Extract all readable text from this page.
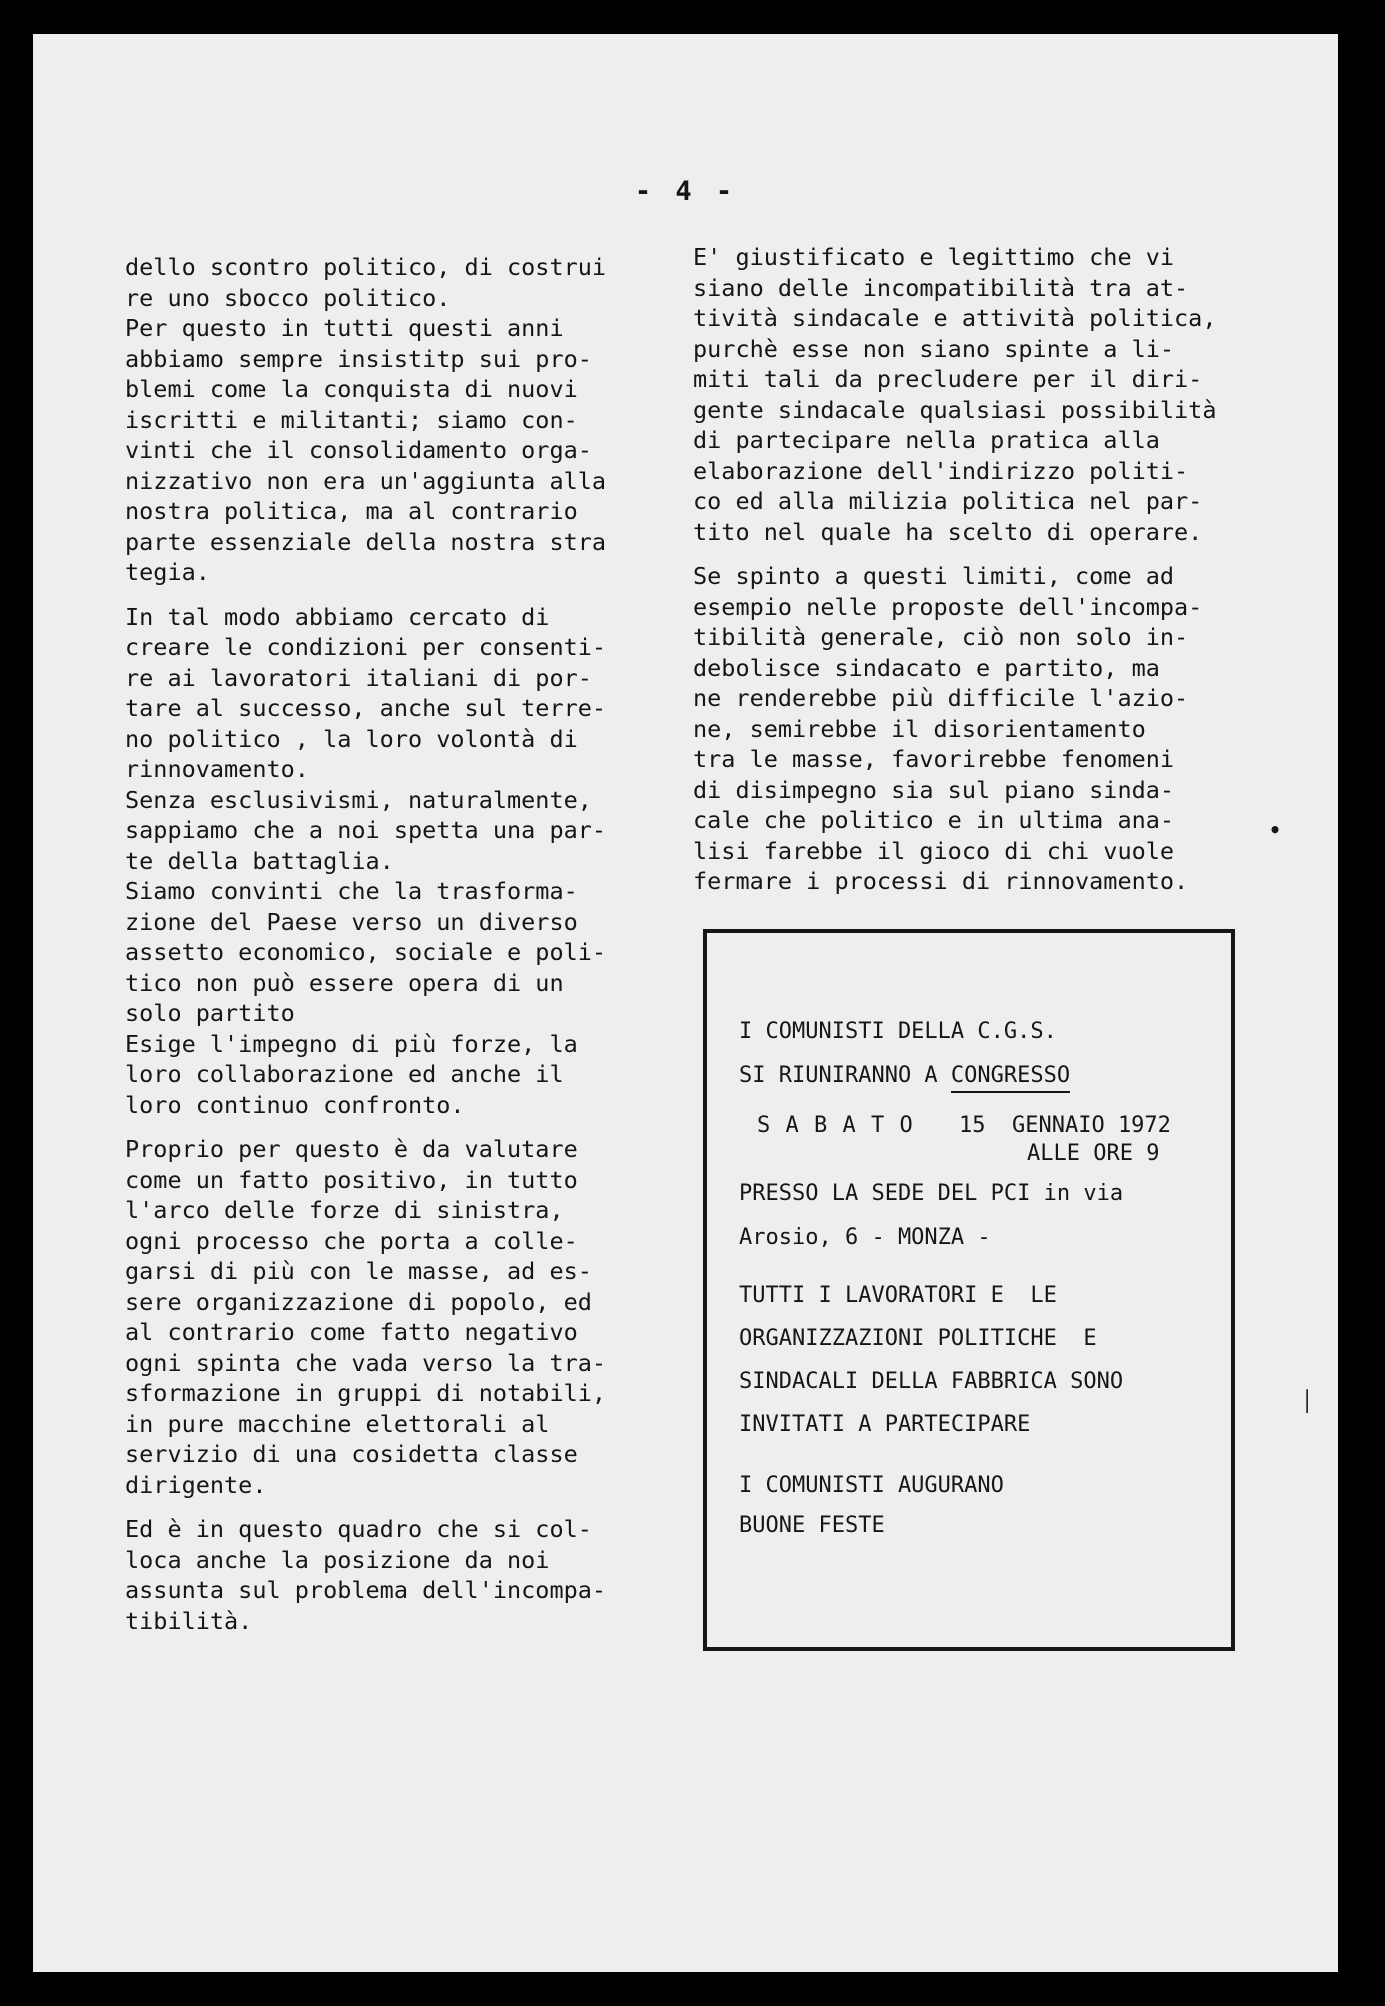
- 4 -
dello scontro politico, di costrui
re uno sbocco politico.
Per questo in tutti questi anni
abbiamo sempre insistitp sui pro-
blemi come la conquista di nuovi
iscritti e militanti; siamo con-
vinti che il consolidamento orga-
nizzativo non era un'aggiunta alla
nostra politica, ma al contrario
parte essenziale della nostra stra
tegia.
In tal modo abbiamo cercato di
creare le condizioni per consenti-
re ai lavoratori italiani di por-
tare al successo, anche sul terre-
no politico , la loro volontà di
rinnovamento.
Senza esclusivismi, naturalmente,
sappiamo che a noi spetta una par-
te della battaglia.
Siamo convinti che la trasforma-
zione del Paese verso un diverso
assetto economico, sociale e poli-
tico non può essere opera di un
solo partito
Esige l'impegno di più forze, la
loro collaborazione ed anche il
loro continuo confronto.
Proprio per questo è da valutare
come un fatto positivo, in tutto
l'arco delle forze di sinistra,
ogni processo che porta a colle-
garsi di più con le masse, ad es-
sere organizzazione di popolo, ed
al contrario come fatto negativo
ogni spinta che vada verso la tra-
sformazione in gruppi di notabili,
in pure macchine elettorali al
servizio di una cosidetta classe
dirigente.
Ed è in questo quadro che si col-
loca anche la posizione da noi
assunta sul problema dell'incompa-
tibilità.
E' giustificato e legittimo che vi
siano delle incompatibilità tra at-
tività sindacale e attività politica,
purchè esse non siano spinte a li-
miti tali da precludere per il diri-
gente sindacale qualsiasi possibilità
di partecipare nella pratica alla
elaborazione dell'indirizzo politi-
co ed alla milizia politica nel par-
tito nel quale ha scelto di operare.
Se spinto a questi limiti, come ad
esempio nelle proposte dell'incompa-
tibilità generale, ciò non solo in-
debolisce sindacato e partito, ma
ne renderebbe più difficile l'azio-
ne, semirebbe il disorientamento
tra le masse, favorirebbe fenomeni
di disimpegno sia sul piano sinda-
cale che politico e in ultima ana-
lisi farebbe il gioco di chi vuole
fermare i processi di rinnovamento.
I COMUNISTI DELLA C.G.S.
SI RIUNIRANNO A CONGRESSO
S A B A T O 15  GENNAIO 1972
ALLE ORE 9
PRESSO LA SEDE DEL PCI in via
Arosio, 6 - MONZA -
TUTTI I LAVORATORI E  LE
ORGANIZZAZIONI POLITICHE  E
SINDACALI DELLA FABBRICA SONO
INVITATI A PARTECIPARE
I COMUNISTI AUGURANO
BUONE FESTE
•
│
